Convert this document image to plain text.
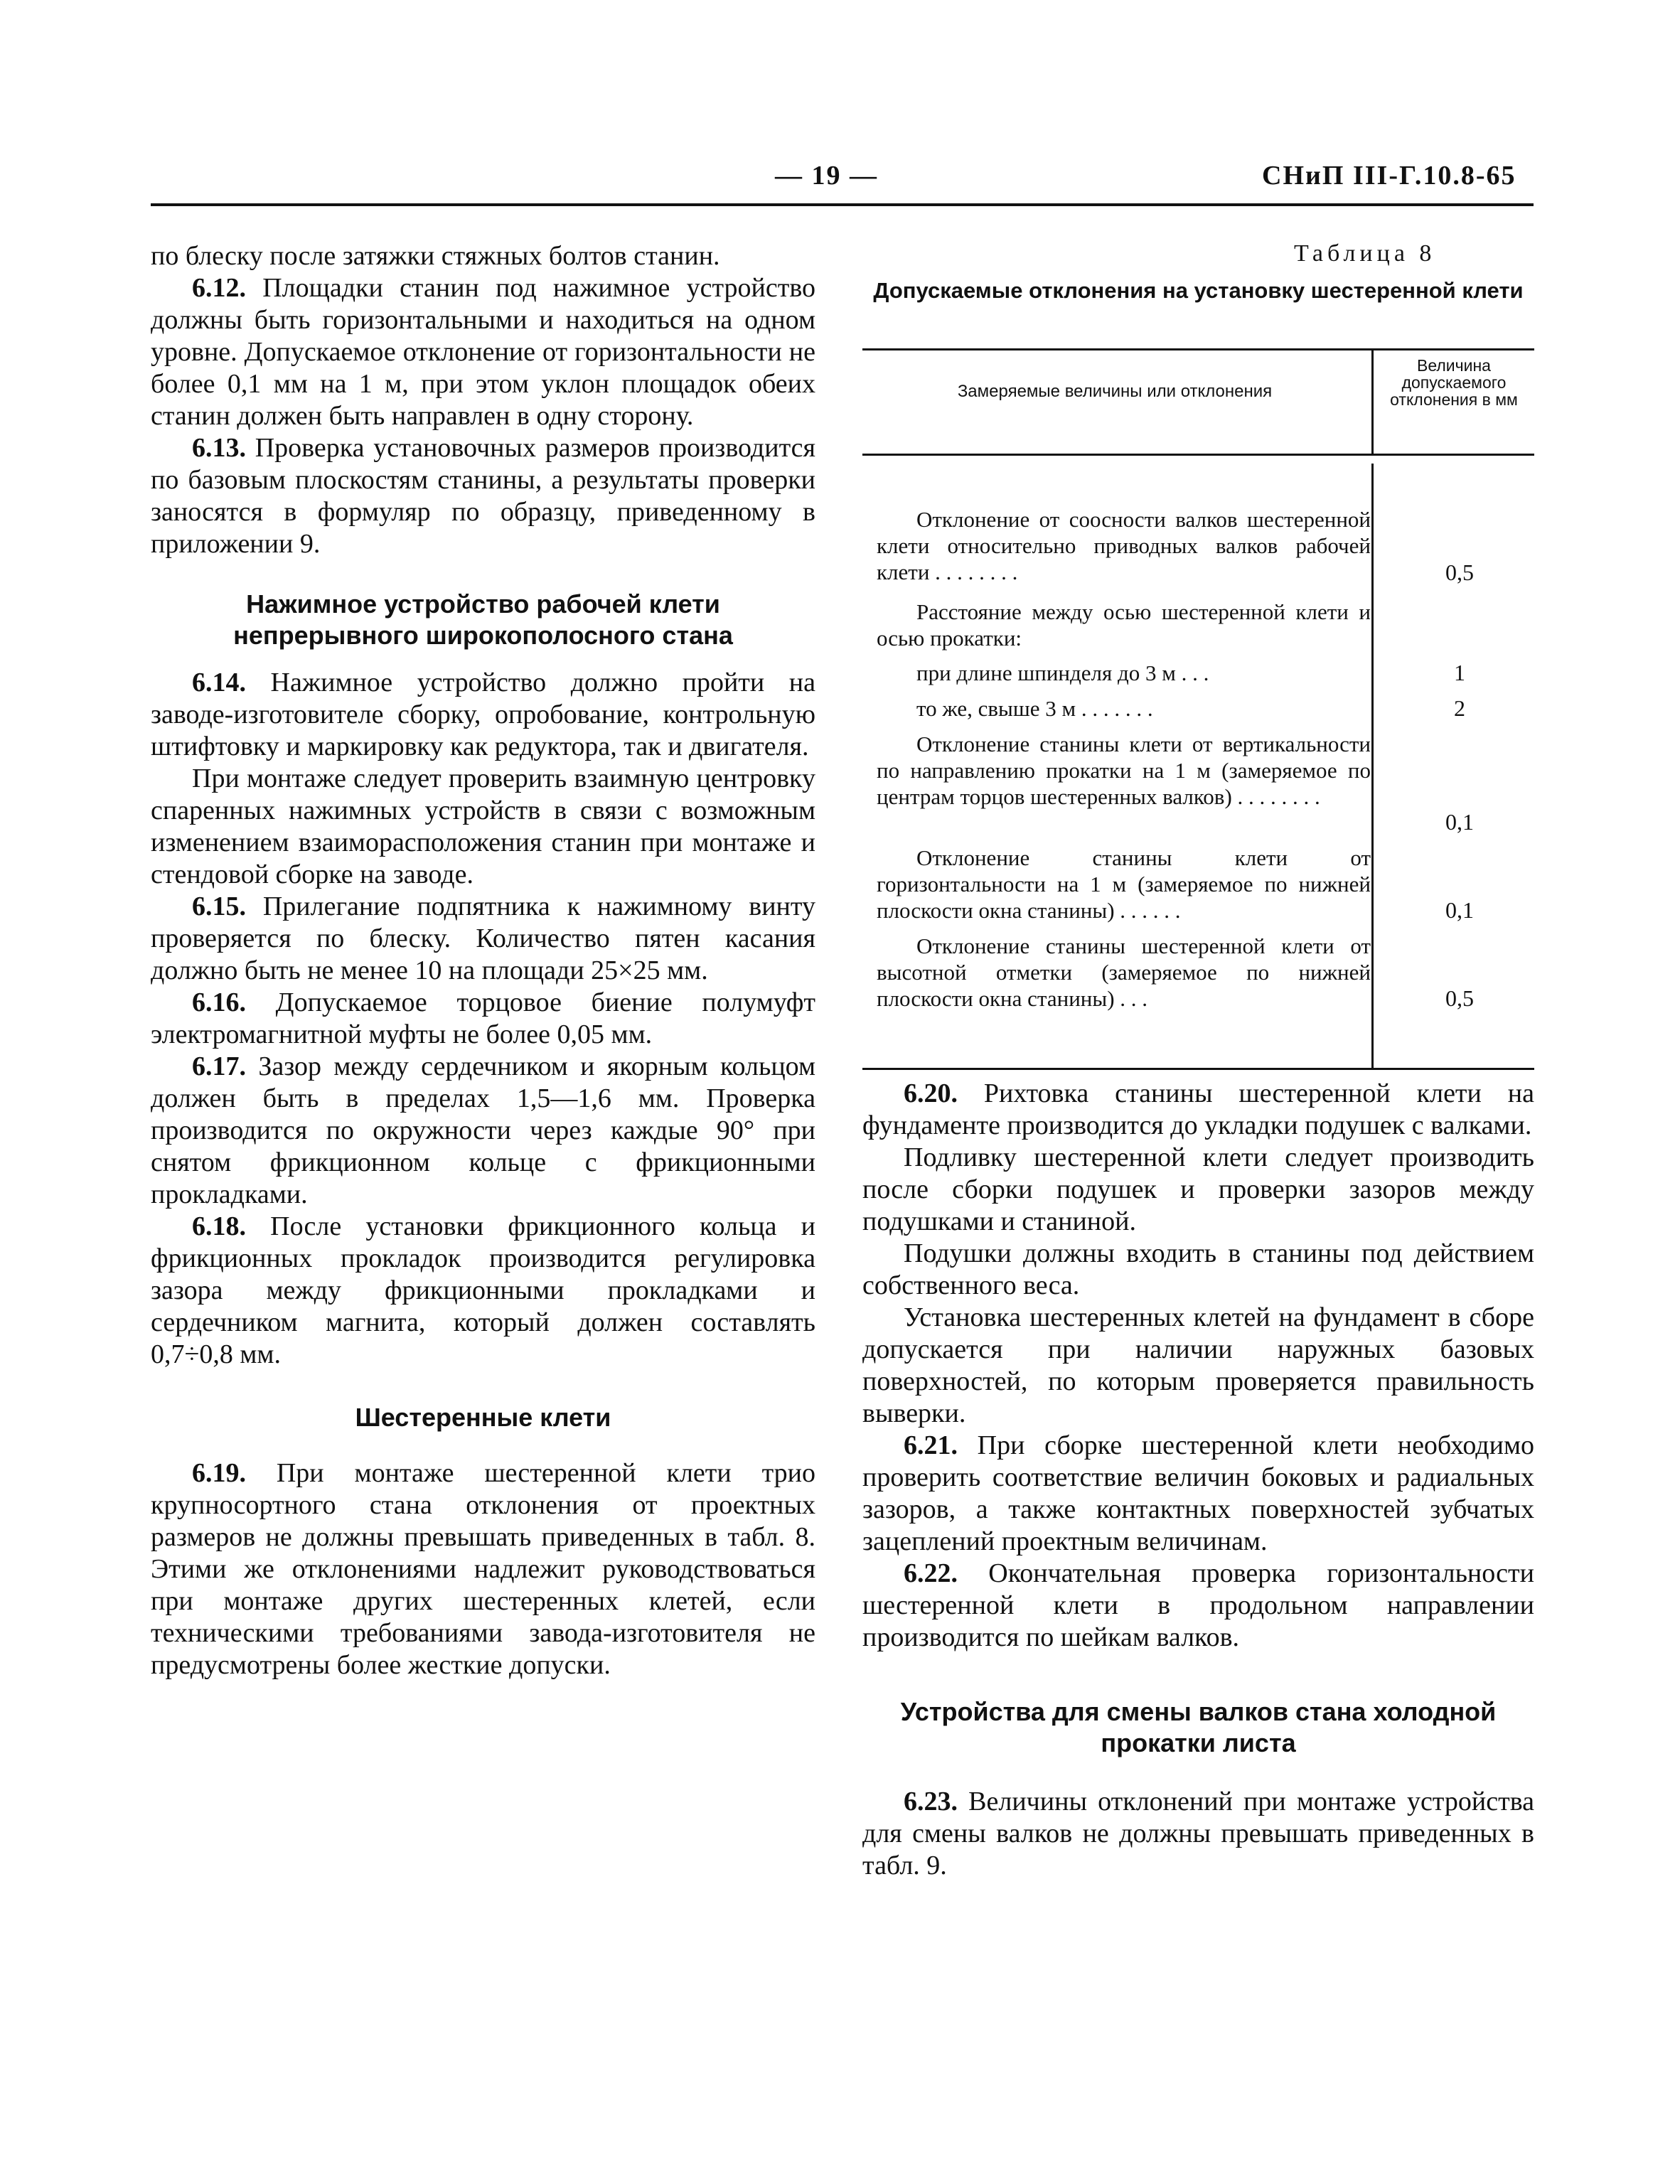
— 19 —	СНиП III-Г.10.8-65

по блеску после затяжки стяжных болтов станин.

6.12. Площадки станин под нажимное устройство должны быть горизонтальными и находиться на одном уровне. Допускаемое отклонение от горизонтальности не более 0,1 мм на 1 м, при этом уклон площадок обеих станин должен быть направлен в одну сторону.

6.13. Проверка установочных размеров производится по базовым плоскостям станины, а результаты проверки заносятся в формуляр по образцу, приведенному в приложении 9.

Нажимное устройство рабочей клети непрерывного широкополосного стана

6.14. Нажимное устройство должно пройти на заводе-изготовителе сборку, опробование, контрольную штифтовку и маркировку как редуктора, так и двигателя.

При монтаже следует проверить взаимную центровку спаренных нажимных устройств в связи с возможным изменением взаиморасположения станин при монтаже и стендовой сборке на заводе.

6.15. Прилегание подпятника к нажимному винту проверяется по блеску. Количество пятен касания должно быть не менее 10 на площади 25×25 мм.

6.16. Допускаемое торцовое биение полумуфт электромагнитной муфты не более 0,05 мм.

6.17. Зазор между сердечником и якорным кольцом должен быть в пределах 1,5—1,6 мм. Проверка производится по окружности через каждые 90° при снятом фрикционном кольце с фрикционными прокладками.

6.18. После установки фрикционного кольца и фрикционных прокладок производится регулировка зазора между фрикционными прокладками и сердечником магнита, который должен составлять 0,7÷0,8 мм.

Шестеренные клети

6.19. При монтаже шестеренной клети трио крупносортного стана отклонения от проектных размеров не должны превышать приведенных в табл. 8. Этими же отклонениями надлежит руководствоваться при монтаже других шестеренных клетей, если техническими требованиями завода-изготовителя не предусмотрены более жесткие допуски.

Таблица 8
Допускаемые отклонения на установку шестеренной клети
Замеряемые величины или отклонения
Величина допускаемого отклонения в мм
Отклонение от соосности валков шестеренной клети относительно приводных валков рабочей клети . . . . . . . .	0,5
Расстояние между осью шестеренной клети и осью прокатки:
при длине шпинделя до 3 м . . .	1
то же, свыше 3 м . . . . . . .	2
Отклонение станины клети от вертикальности по направлению прокатки на 1 м (замеряемое по центрам торцов шестеренных валков) . . . . . . . .
0,1
Отклонение станины клети от горизонтальности на 1 м (замеряемое по нижней плоскости окна станины) . . . . . .	0,1
Отклонение станины шестеренной клети от высотной отметки (замеряемое по нижней плоскости окна станины) . . .	0,5

6.20. Рихтовка станины шестеренной клети на фундаменте производится до укладки подушек с валками.

Подливку шестеренной клети следует производить после сборки подушек и проверки зазоров между подушками и станиной.

Подушки должны входить в станины под действием собственного веса.

Установка шестеренных клетей на фундамент в сборе допускается при наличии наружных базовых поверхностей, по которым проверяется правильность выверки.

6.21. При сборке шестеренной клети необходимо проверить соответствие величин боковых и радиальных зазоров, а также контактных поверхностей зубчатых зацеплений проектным величинам.

6.22. Окончательная проверка горизонтальности шестеренной клети в продольном направлении производится по шейкам валков.

Устройства для смены валков стана холодной прокатки листа

6.23. Величины отклонений при монтаже устройства для смены валков не должны превышать приведенных в табл. 9.
